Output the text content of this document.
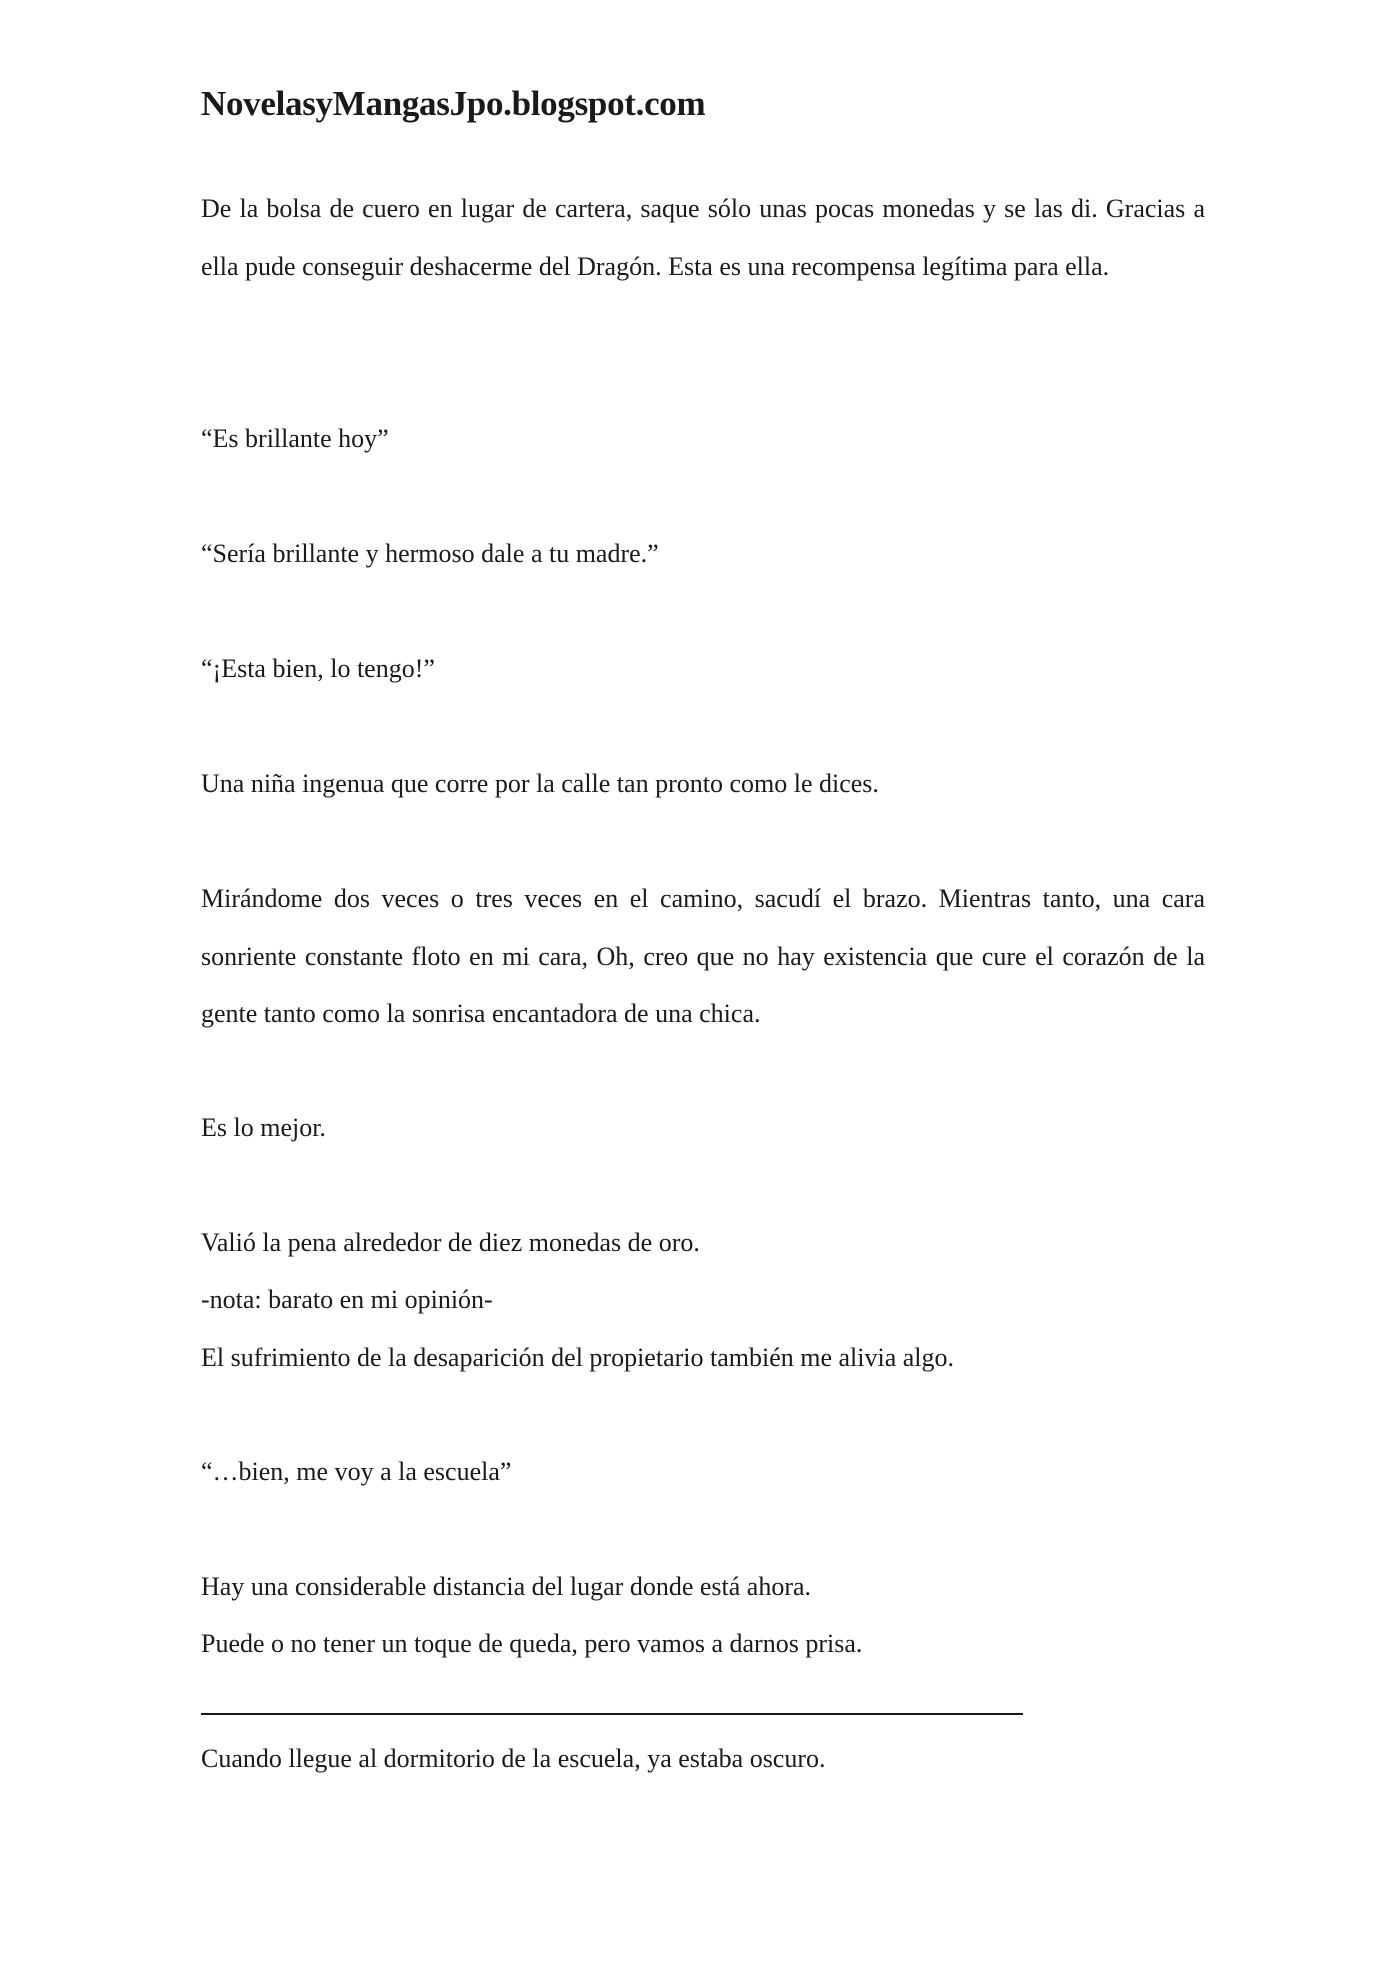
NovelasyMangasJpo.blogspot.com

De la bolsa de cuero en lugar de cartera, saque sólo unas pocas monedas y se las di. Gracias a ella pude conseguir deshacerme del Dragón. Esta es una recompensa legítima para ella.

“Es brillante hoy”

“Sería brillante y hermoso dale a tu madre.”

“¡Esta bien, lo tengo!”

Una niña ingenua que corre por la calle tan pronto como le dices.

Mirándome dos veces o tres veces en el camino, sacudí el brazo. Mientras tanto, una cara sonriente constante floto en mi cara, Oh, creo que no hay existencia que cure el corazón de la gente tanto como la sonrisa encantadora de una chica.

Es lo mejor.

Valió la pena alrededor de diez monedas de oro.

-nota: barato en mi opinión-

El sufrimiento de la desaparición del propietario también me alivia algo.

“…bien, me voy a la escuela”

Hay una considerable distancia del lugar donde está ahora.

Puede o no tener un toque de queda, pero vamos a darnos prisa.

Cuando llegue al dormitorio de la escuela, ya estaba oscuro.
